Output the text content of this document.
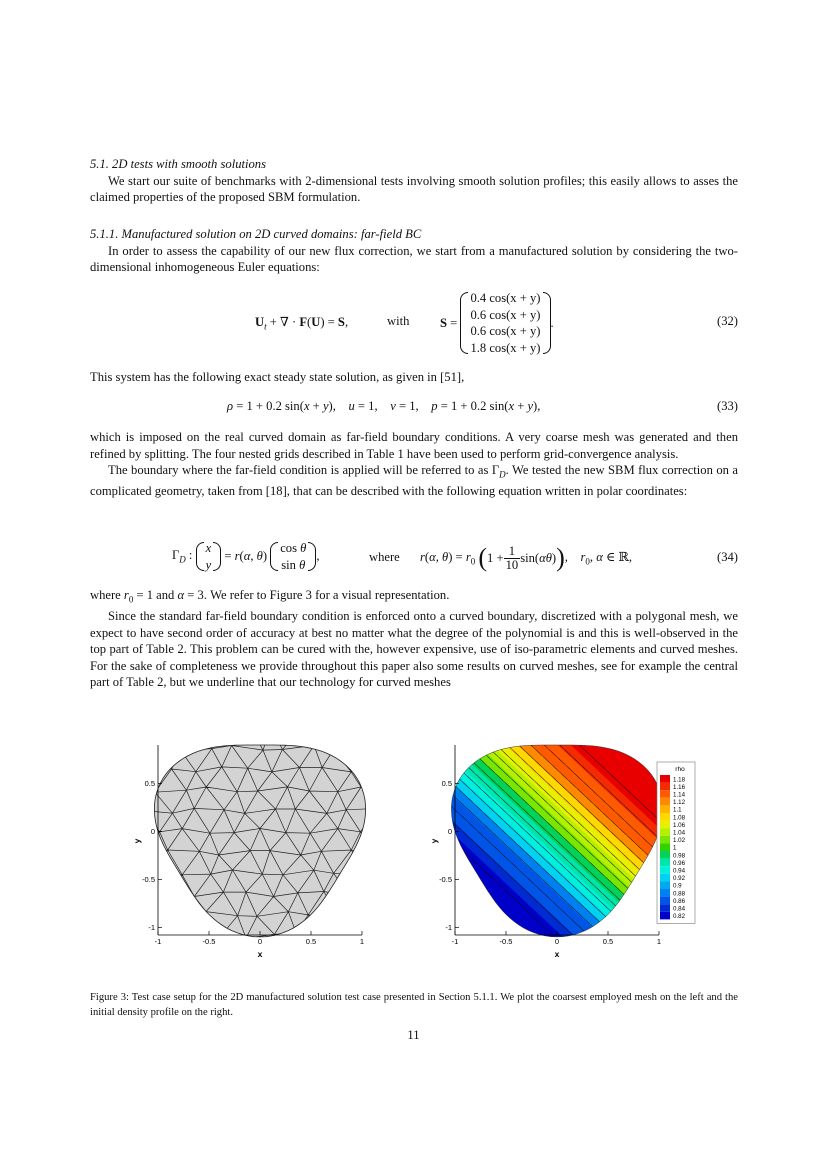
5.1. 2D tests with smooth solutions

We start our suite of benchmarks with 2-dimensional tests involving smooth solution profiles; this easily allows to asses the claimed properties of the proposed SBM formulation.

5.1.1. Manufactured solution on 2D curved domains: far-field BC

In order to assess the capability of our new flux correction, we start from a manufactured solution by considering the two-dimensional inhomogeneous Euler equations:

$U_t$ + ∇ · F(U) = S,	with S =
0.4 cos(x + y)
0.6 cos(x + y)
0.6 cos(x + y)
1.8 cos(x + y)
.	(32)

This system has the following exact steady state solution, as given in [51],

ρ = 1 + 0.2 sin(x + y),    u = 1,    v = 1,    p = 1 + 0.2 sin(x + y),	(33)

which is imposed on the real curved domain as far-field boundary conditions. A very coarse mesh was generated and then refined by splitting. The four nested grids described in Table 1 have been used to perform grid-convergence analysis.

The boundary where the far-field condition is applied will be referred to as $\Gamma_D$. We tested the new SBM flux correction on a complicated geometry, taken from [18], that can be described with the following equation written in polar coordinates:

$\Gamma_D$ :
x
y
= r(α, θ)
cos θ
sin θ
,	where r(α, $\theta) = r_0$ $(1 + \frac{1}{10} \sin(\alpha\theta))$,    $r_0$, α ∈ ℝ,	(34)

where $r_0 = 1$ and α = 3. We refer to Figure 3 for a visual representation.

Since the standard far-field boundary condition is enforced onto a curved boundary, discretized with a polygonal mesh, we expect to have second order of accuracy at best no matter what the degree of the polynomial is and this is well-observed in the top part of Table 2. This problem can be cured with the, however expensive, use of iso-parametric elements and curved meshes. For the sake of completeness we provide throughout this paper also some results on curved meshes, see for example the central part of Table 2, but we underline that our technology for curved meshes

-1	-0.5	0	0.5	1
0.5
0
-0.5
-1
x
y
-1	-0.5	0	0.5	1
0.5
0
-0.5
-1
x
y
rho
1.18
1.16
1.14
1.12
1.1
1.08
1.06
1.04
1.02
1
0.98
0.96
0.94
0.92
0.9
0.88
0.86
0.84
0.82
Figure 3: Test case setup for the 2D manufactured solution test case presented in Section 5.1.1. We plot the coarsest employed mesh on the left and the initial density profile on the right.
11
